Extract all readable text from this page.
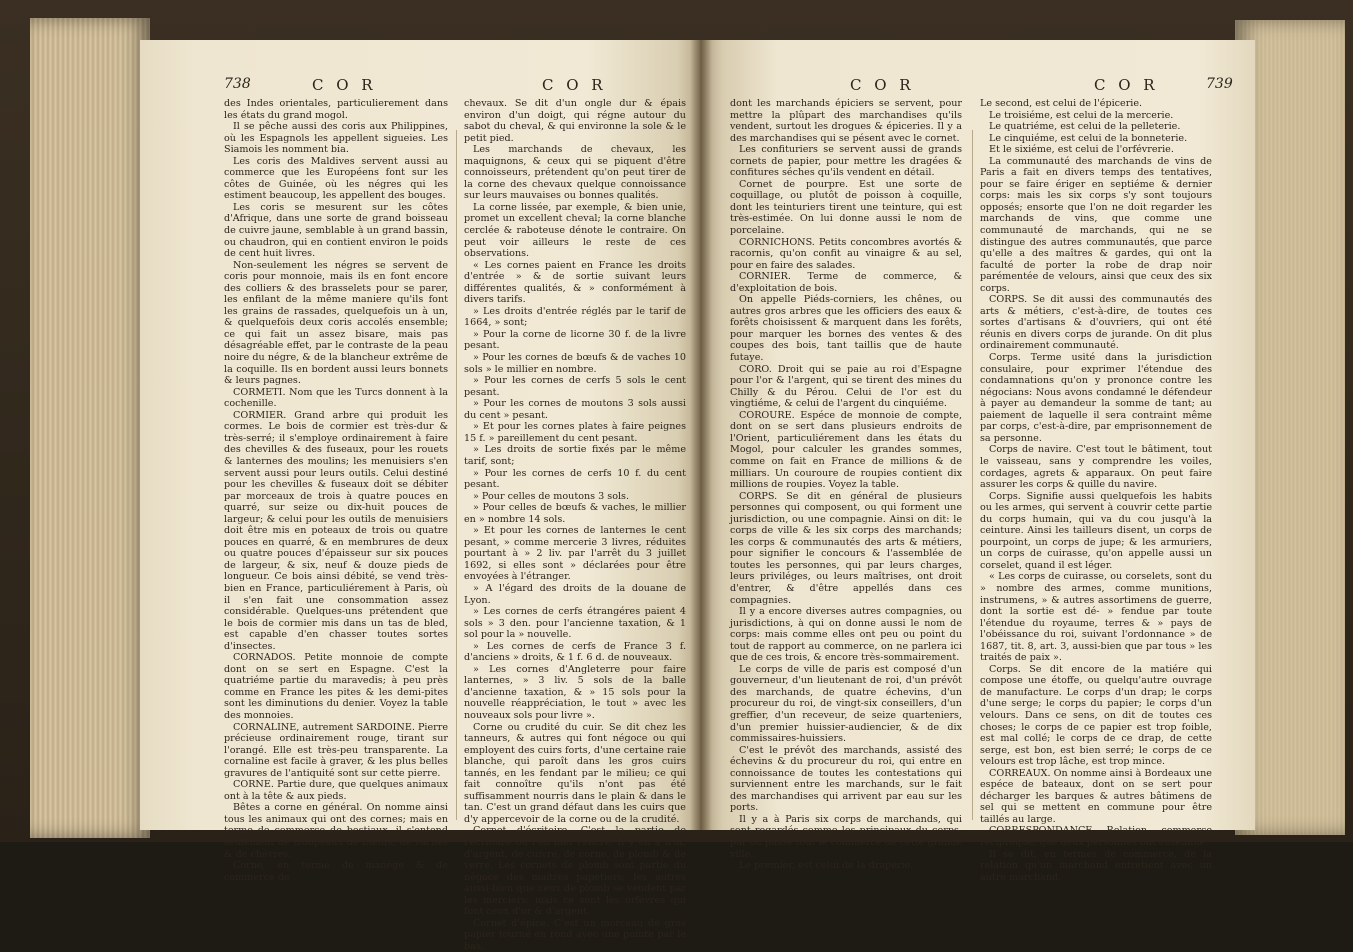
738	C O R	C O R

des Indes orientales, particulierement dans les états du grand mogol.

Il se pêche aussi des coris aux Philippines, où les Espagnols les appellent sigueies. Les Siamois les nomment bia.

Les coris des Maldives servent aussi au commerce que les Européens font sur les côtes de Guinée, où les négres qui les estiment beaucoup, les appellent des bouges.

Les coris se mesurent sur les côtes d'Afrique, dans une sorte de grand boisseau de cuivre jaune, semblable à un grand bassin, ou chaudron, qui en contient environ le poids de cent huit livres.

Non-seulement les négres se servent de coris pour monnoie, mais ils en font encore des colliers & des brasselets pour se parer, les enfilant de la même maniere qu'ils font les grains de rassades, quelquefois un à un, & quelquefois deux coris accolés ensemble; ce qui fait un assez bisare, mais pas désagréable effet, par le contraste de la peau noire du négre, & de la blancheur extrême de la coquille. Ils en bordent aussi leurs bonnets & leurs pagnes.

CORMETI. Nom que les Turcs donnent à la cochenille.

CORMIER. Grand arbre qui produit les cormes. Le bois de cormier est très-dur & très-serré; il s'employe ordinairement à faire des chevilles & des fuseaux, pour les rouets & lanternes des moulins; les menuisiers s'en servent aussi pour leurs outils. Celui destiné pour les chevilles & fuseaux doit se débiter par morceaux de trois à quatre pouces en quarré, sur seize ou dix-huit pouces de largeur; & celui pour les outils de menuisiers doit être mis en poteaux de trois ou quatre pouces en quarré, & en membrures de deux ou quatre pouces d'épaisseur sur six pouces de largeur, & six, neuf & douze pieds de longueur. Ce bois ainsi débité, se vend très-bien en France, particuliérement à Paris, où il s'en fait une consommation assez considérable. Quelques-uns prétendent que le bois de cormier mis dans un tas de bled, est capable d'en chasser toutes sortes d'insectes.

CORNADOS. Petite monnoie de compte dont on se sert en Espagne. C'est la quatriéme partie du maravedis; à peu près comme en France les pites & les demi-pites sont les diminutions du denier. Voyez la table des monnoies.

CORNALINE, autrement SARDOINE. Pierre précieuse ordinairement rouge, tirant sur l'orangé. Elle est très-peu transparente. La cornaline est facile à graver, & les plus belles gravures de l'antiquité sont sur cette pierre.

CORNE. Partie dure, que quelques animaux ont à la tête & aux pieds.

Bêtes a corne en général. On nomme ainsi tous les animaux qui ont des cornes; mais en terme de commerce de bestiaux, il s'entend seulement de troupeaux de bœufs, de vaches & de chévres.

Corne, en terme de manége & de commerce de

chevaux. Se dit d'un ongle dur & épais environ d'un doigt, qui régne autour du sabot du cheval, & qui environne la sole & le petit pied.

Les marchands de chevaux, les maquignons, & ceux qui se piquent d'être connoisseurs, prétendent qu'on peut tirer de la corne des chevaux quelque connoissance sur leurs mauvaises ou bonnes qualités.

La corne lissée, par exemple, & bien unie, promet un excellent cheval; la corne blanche cerclée & raboteuse dénote le contraire. On peut voir ailleurs le reste de ces observations.

« Les cornes paient en France les droits d'entrée » & de sortie suivant leurs différentes qualités, & » conformément à divers tarifs.

» Les droits d'entrée réglés par le tarif de 1664, » sont;

» Pour la corne de licorne 30 f. de la livre pesant.

» Pour les cornes de bœufs & de vaches 10 sols » le millier en nombre.

» Pour les cornes de cerfs 5 sols le cent pesant.

» Pour les cornes de moutons 3 sols aussi du cent » pesant.

» Et pour les cornes plates à faire peignes 15 f. » pareillement du cent pesant.

» Les droits de sortie fixés par le même tarif, sont;

» Pour les cornes de cerfs 10 f. du cent pesant.

» Pour celles de moutons 3 sols.

» Pour celles de bœufs & vaches, le millier en » nombre 14 sols.

» Et pour les cornes de lanternes le cent pesant, » comme mercerie 3 livres, réduites pourtant à » 2 liv. par l'arrêt du 3 juillet 1692, si elles sont » déclarées pour être envoyées à l'étranger.

» A l'égard des droits de la douane de Lyon.

» Les cornes de cerfs étrangéres paient 4 sols » 3 den. pour l'ancienne taxation, & 1 sol pour la » nouvelle.

» Les cornes de cerfs de France 3 f. d'anciens » droits, & 1 f. 6 d. de nouveaux.

» Les cornes d'Angleterre pour faire lanternes, » 3 liv. 5 sols de la balle d'ancienne taxation, & » 15 sols pour la nouvelle réappréciation, le tout » avec les nouveaux sols pour livre ».

Corne ou crudité du cuir. Se dit chez les tanneurs, & autres qui font négoce ou qui employent des cuirs forts, d'une certaine raie blanche, qui paroît dans les gros cuirs tannés, en les fendant par le milieu; ce qui fait connoître qu'ils n'ont pas été suffisamment nourris dans le plain & dans le tan. C'est un grand défaut dans les cuirs que d'y appercevoir de la corne ou de la crudité.

Cornet d'écritoire. C'est la partie de l'écritoire où l'on met l'encre. Il y en a d'or, d'argent, de cuivre, de corne, de plomb & de verre. Les cornets de plomb sont partie du négoce des maîtres papetiers; les autres aussi-bien que ceux de plomb se vendent par les merciers: mais ce sont les orfévres qui font ceux d'or & d'argent.

Cornet d'épice. C'est un morceau de gros papier tourné en rond avec une pointe par le bas,

C O R	C O R	739

dont les marchands épiciers se servent, pour mettre la plûpart des marchandises qu'ils vendent, surtout les drogues & épiceries. Il y a des marchandises qui se pésent avec le cornet.

Les confituriers se servent aussi de grands cornets de papier, pour mettre les dragées & confitures séches qu'ils vendent en détail.

Cornet de pourpre. Est une sorte de coquillage, ou plutôt de poisson à coquille, dont les teinturiers tirent une teinture, qui est très-estimée. On lui donne aussi le nom de porcelaine.

CORNICHONS. Petits concombres avortés & racornis, qu'on confit au vinaigre & au sel, pour en faire des salades.

CORNIER. Terme de commerce, & d'exploitation de bois.

On appelle Piéds-corniers, les chênes, ou autres gros arbres que les officiers des eaux & forêts choisissent & marquent dans les forêts, pour marquer les bornes des ventes & des coupes des bois, tant taillis que de haute futaye.

CORO. Droit qui se paie au roi d'Espagne pour l'or & l'argent, qui se tirent des mines du Chilly & du Pérou. Celui de l'or est du vingtiéme, & celui de l'argent du cinquiéme.

COROURE. Espéce de monnoie de compte, dont on se sert dans plusieurs endroits de l'Orient, particuliérement dans les états du Mogol, pour calculer les grandes sommes, comme on fait en France de millions & de milliars. Un couroure de roupies contient dix millions de roupies. Voyez la table.

CORPS. Se dit en général de plusieurs personnes qui composent, ou qui forment une jurisdiction, ou une compagnie. Ainsi on dit: le corps de ville & les six corps des marchands; les corps & communautés des arts & métiers, pour signifier le concours & l'assemblée de toutes les personnes, qui par leurs charges, leurs priviléges, ou leurs maîtrises, ont droit d'entrer, & d'être appellés dans ces compagnies.

Il y a encore diverses autres compagnies, ou jurisdictions, à qui on donne aussi le nom de corps: mais comme elles ont peu ou point du tout de rapport au commerce, on ne parlera ici que de ces trois, & encore très-sommairement.

Le corps de ville de paris est composé d'un gouverneur, d'un lieutenant de roi, d'un prévôt des marchands, de quatre échevins, d'un procureur du roi, de vingt-six conseillers, d'un greffier, d'un receveur, de seize quarteniers, d'un premier huissier-audiencier, & de dix commissaires-huissiers.

C'est le prévôt des marchands, assisté des échevins & du procureur du roi, qui entre en connoissance de toutes les contestations qui surviennent entre les marchands, sur le fait des marchandises qui arrivent par eau sur les ports.

Il y a à Paris six corps de marchands, qui sont regardés comme les principaux du corps, par où passe tout le commerce de cette grande ville.

Le premier, est celui de la draperie.

Le second, est celui de l'épicerie.

Le troisiéme, est celui de la mercerie.

Le quatriéme, est celui de la pelleterie.

Le cinquiéme, est celui de la bonneterie.

Et le sixiéme, est celui de l'orfévrerie.

La communauté des marchands de vins de Paris a fait en divers temps des tentatives, pour se faire ériger en septiéme & dernier corps: mais les six corps s'y sont toujours opposés; ensorte que l'on ne doit regarder les marchands de vins, que comme une communauté de marchands, qui ne se distingue des autres communautés, que parce qu'elle a des maîtres & gardes, qui ont la faculté de porter la robe de drap noir parémentée de velours, ainsi que ceux des six corps.

CORPS. Se dit aussi des communautés des arts & métiers, c'est-à-dire, de toutes ces sortes d'artisans & d'ouvriers, qui ont été réunis en divers corps de jurande. On dit plus ordinairement communauté.

Corps. Terme usité dans la jurisdiction consulaire, pour exprimer l'étendue des condamnations qu'on y prononce contre les négocians: Nous avons condamné le défendeur à payer au demandeur la somme de tant; au paiement de laquelle il sera contraint même par corps, c'est-à-dire, par emprisonnement de sa personne.

Corps de navire. C'est tout le bâtiment, tout le vaisseau, sans y comprendre les voiles, cordages, agrets & apparaux. On peut faire assurer les corps & quille du navire.

Corps. Signifie aussi quelquefois les habits ou les armes, qui servent à couvrir cette partie du corps humain, qui va du cou jusqu'à la ceinture. Ainsi les tailleurs disent, un corps de pourpoint, un corps de jupe; & les armuriers, un corps de cuirasse, qu'on appelle aussi un corselet, quand il est léger.

« Les corps de cuirasse, ou corselets, sont du » nombre des armes, comme munitions, instrumens, » & autres assortimens de guerre, dont la sortie est dé- » fendue par toute l'étendue du royaume, terres & » pays de l'obéissance du roi, suivant l'ordonnance » de 1687, tit. 8, art. 3, aussi-bien que par tous » les traités de paix ».

Corps. Se dit encore de la matiére qui compose une étoffe, ou quelqu'autre ouvrage de manufacture. Le corps d'un drap; le corps d'une serge; le corps du papier; le corps d'un velours. Dans ce sens, on dit de toutes ces choses; le corps de ce papier est trop foible, est mal collé; le corps de ce drap, de cette serge, est bon, est bien serré; le corps de ce velours est trop lâche, est trop mince.

CORREAUX. On nomme ainsi à Bordeaux une espéce de bateaux, dont on se sert pour décharger les barques & autres bâtimens de sel qui se mettent en commune pour être taillés au large.

CORRESPONDANCE. Relation, commerce réciproque, que deux personnes ont ensemble.

Il se dit, en termes de commerce, de la relation qu'un marchand entretient avec un autre marchand,
